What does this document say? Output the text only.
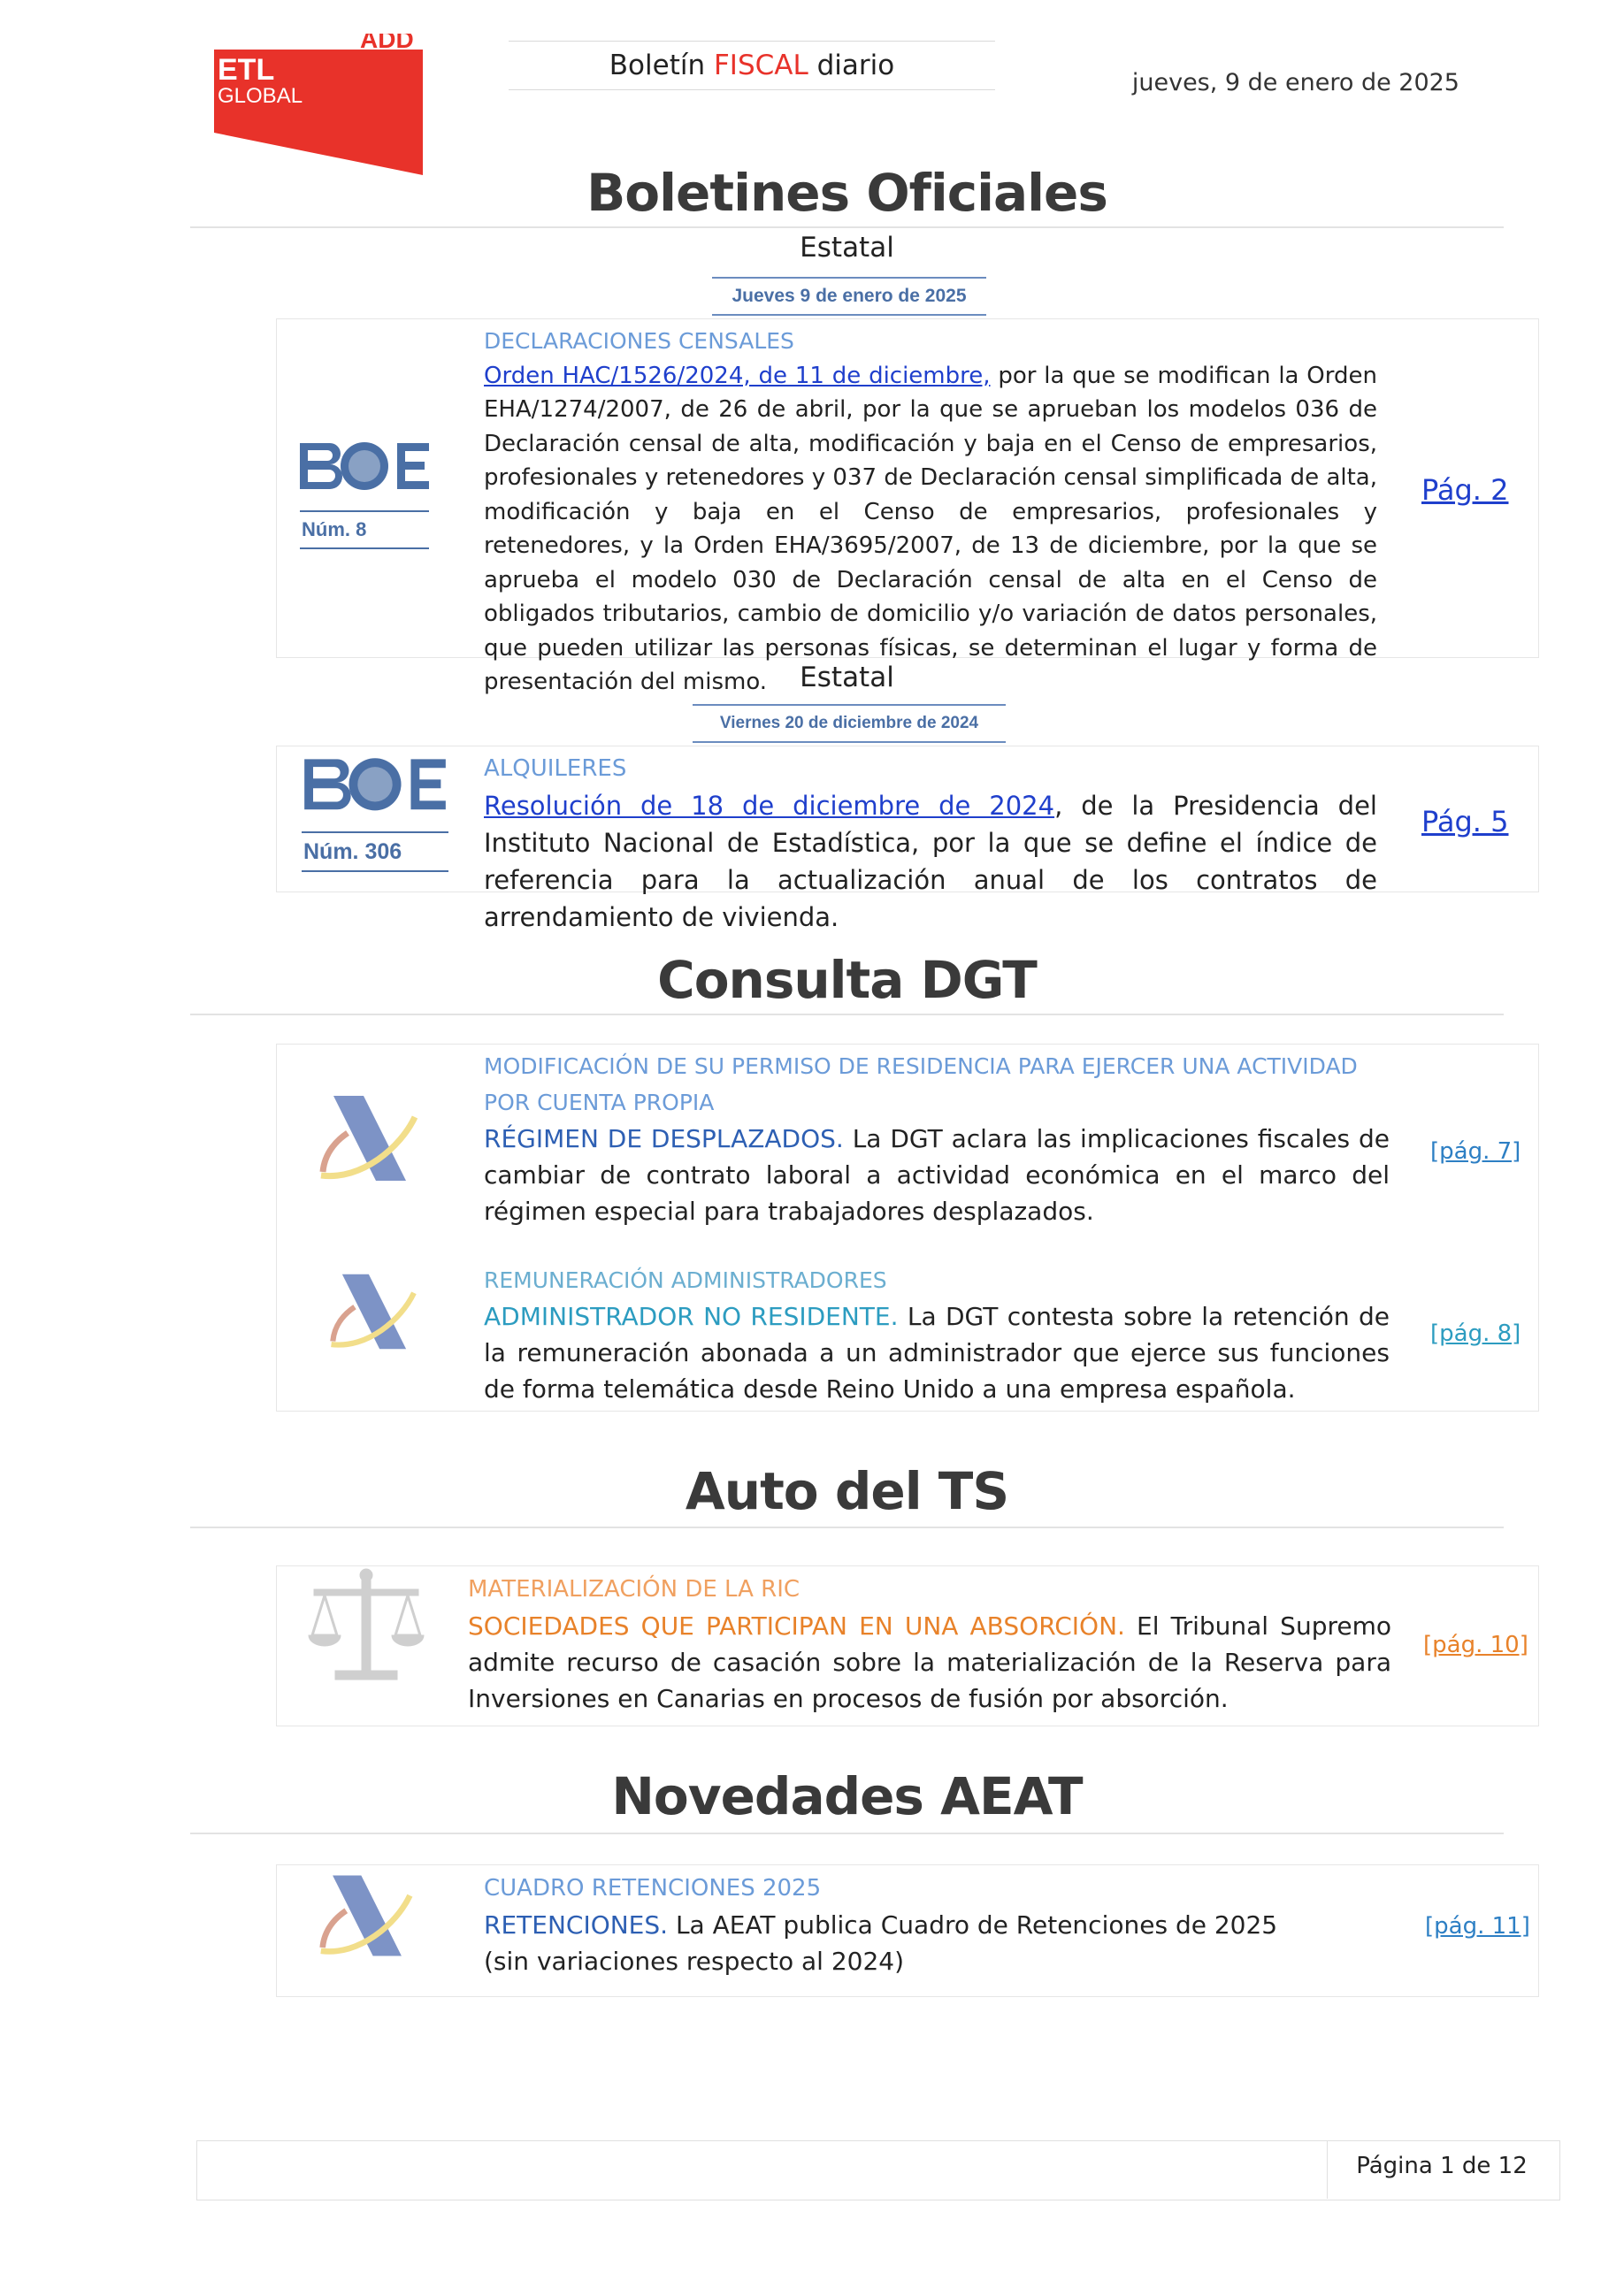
ADD
ETL
GLOBAL
Boletín FISCAL diario
jueves, 9 de enero de 2025
Boletines Oficiales
Estatal
Jueves 9 de enero de 2025
Núm. 8
DECLARACIONES CENSALES
Orden HAC/1526/2024, de 11 de diciembre, por la que se modifican la Orden EHA/1274/2007, de 26 de abril, por la que se aprueban los modelos 036 de Declaración censal de alta, modificación y baja en el Censo de empresarios, profesionales y retenedores y 037 de Declaración censal simplificada de alta, modificación y baja en el Censo de empresarios, profesionales y retenedores, y la Orden EHA/3695/2007, de 13 de diciembre, por la que se aprueba el modelo 030 de Declaración censal de alta en el Censo de obligados tributarios, cambio de domicilio y/o variación de datos personales, que pueden utilizar las personas físicas, se determinan el lugar y forma de presentación del mismo.
Pág. 2
Estatal
Viernes 20 de diciembre de 2024
Núm. 306
ALQUILERES
Resolución de 18 de diciembre de 2024, de la Presidencia del Instituto Nacional de Estadística, por la que se define el índice de referencia para la actualización anual de los contratos de arrendamiento de vivienda.
Pág. 5
Consulta DGT
MODIFICACIÓN DE SU PERMISO DE RESIDENCIA PARA EJERCER UNA ACTIVIDAD POR CUENTA PROPIA
RÉGIMEN DE DESPLAZADOS. La DGT aclara las implicaciones fiscales de cambiar de contrato laboral a actividad económica en el marco del régimen especial para trabajadores desplazados.
[pág. 7]
REMUNERACIÓN ADMINISTRADORES
ADMINISTRADOR NO RESIDENTE. La DGT contesta sobre la retención de la remuneración abonada a un administrador que ejerce sus funciones de forma telemática desde Reino Unido a una empresa española.
[pág. 8]
Auto del TS
MATERIALIZACIÓN DE LA RIC
SOCIEDADES QUE PARTICIPAN EN UNA ABSORCIÓN. El Tribunal Supremo admite recurso de casación sobre la materialización de la Reserva para Inversiones en Canarias en procesos de fusión por absorción.
[pág. 10]
Novedades AEAT
CUADRO RETENCIONES 2025
RETENCIONES. La AEAT publica Cuadro de Retenciones de 2025
(sin variaciones respecto al 2024)
[pág. 11]
Página 1 de 12
